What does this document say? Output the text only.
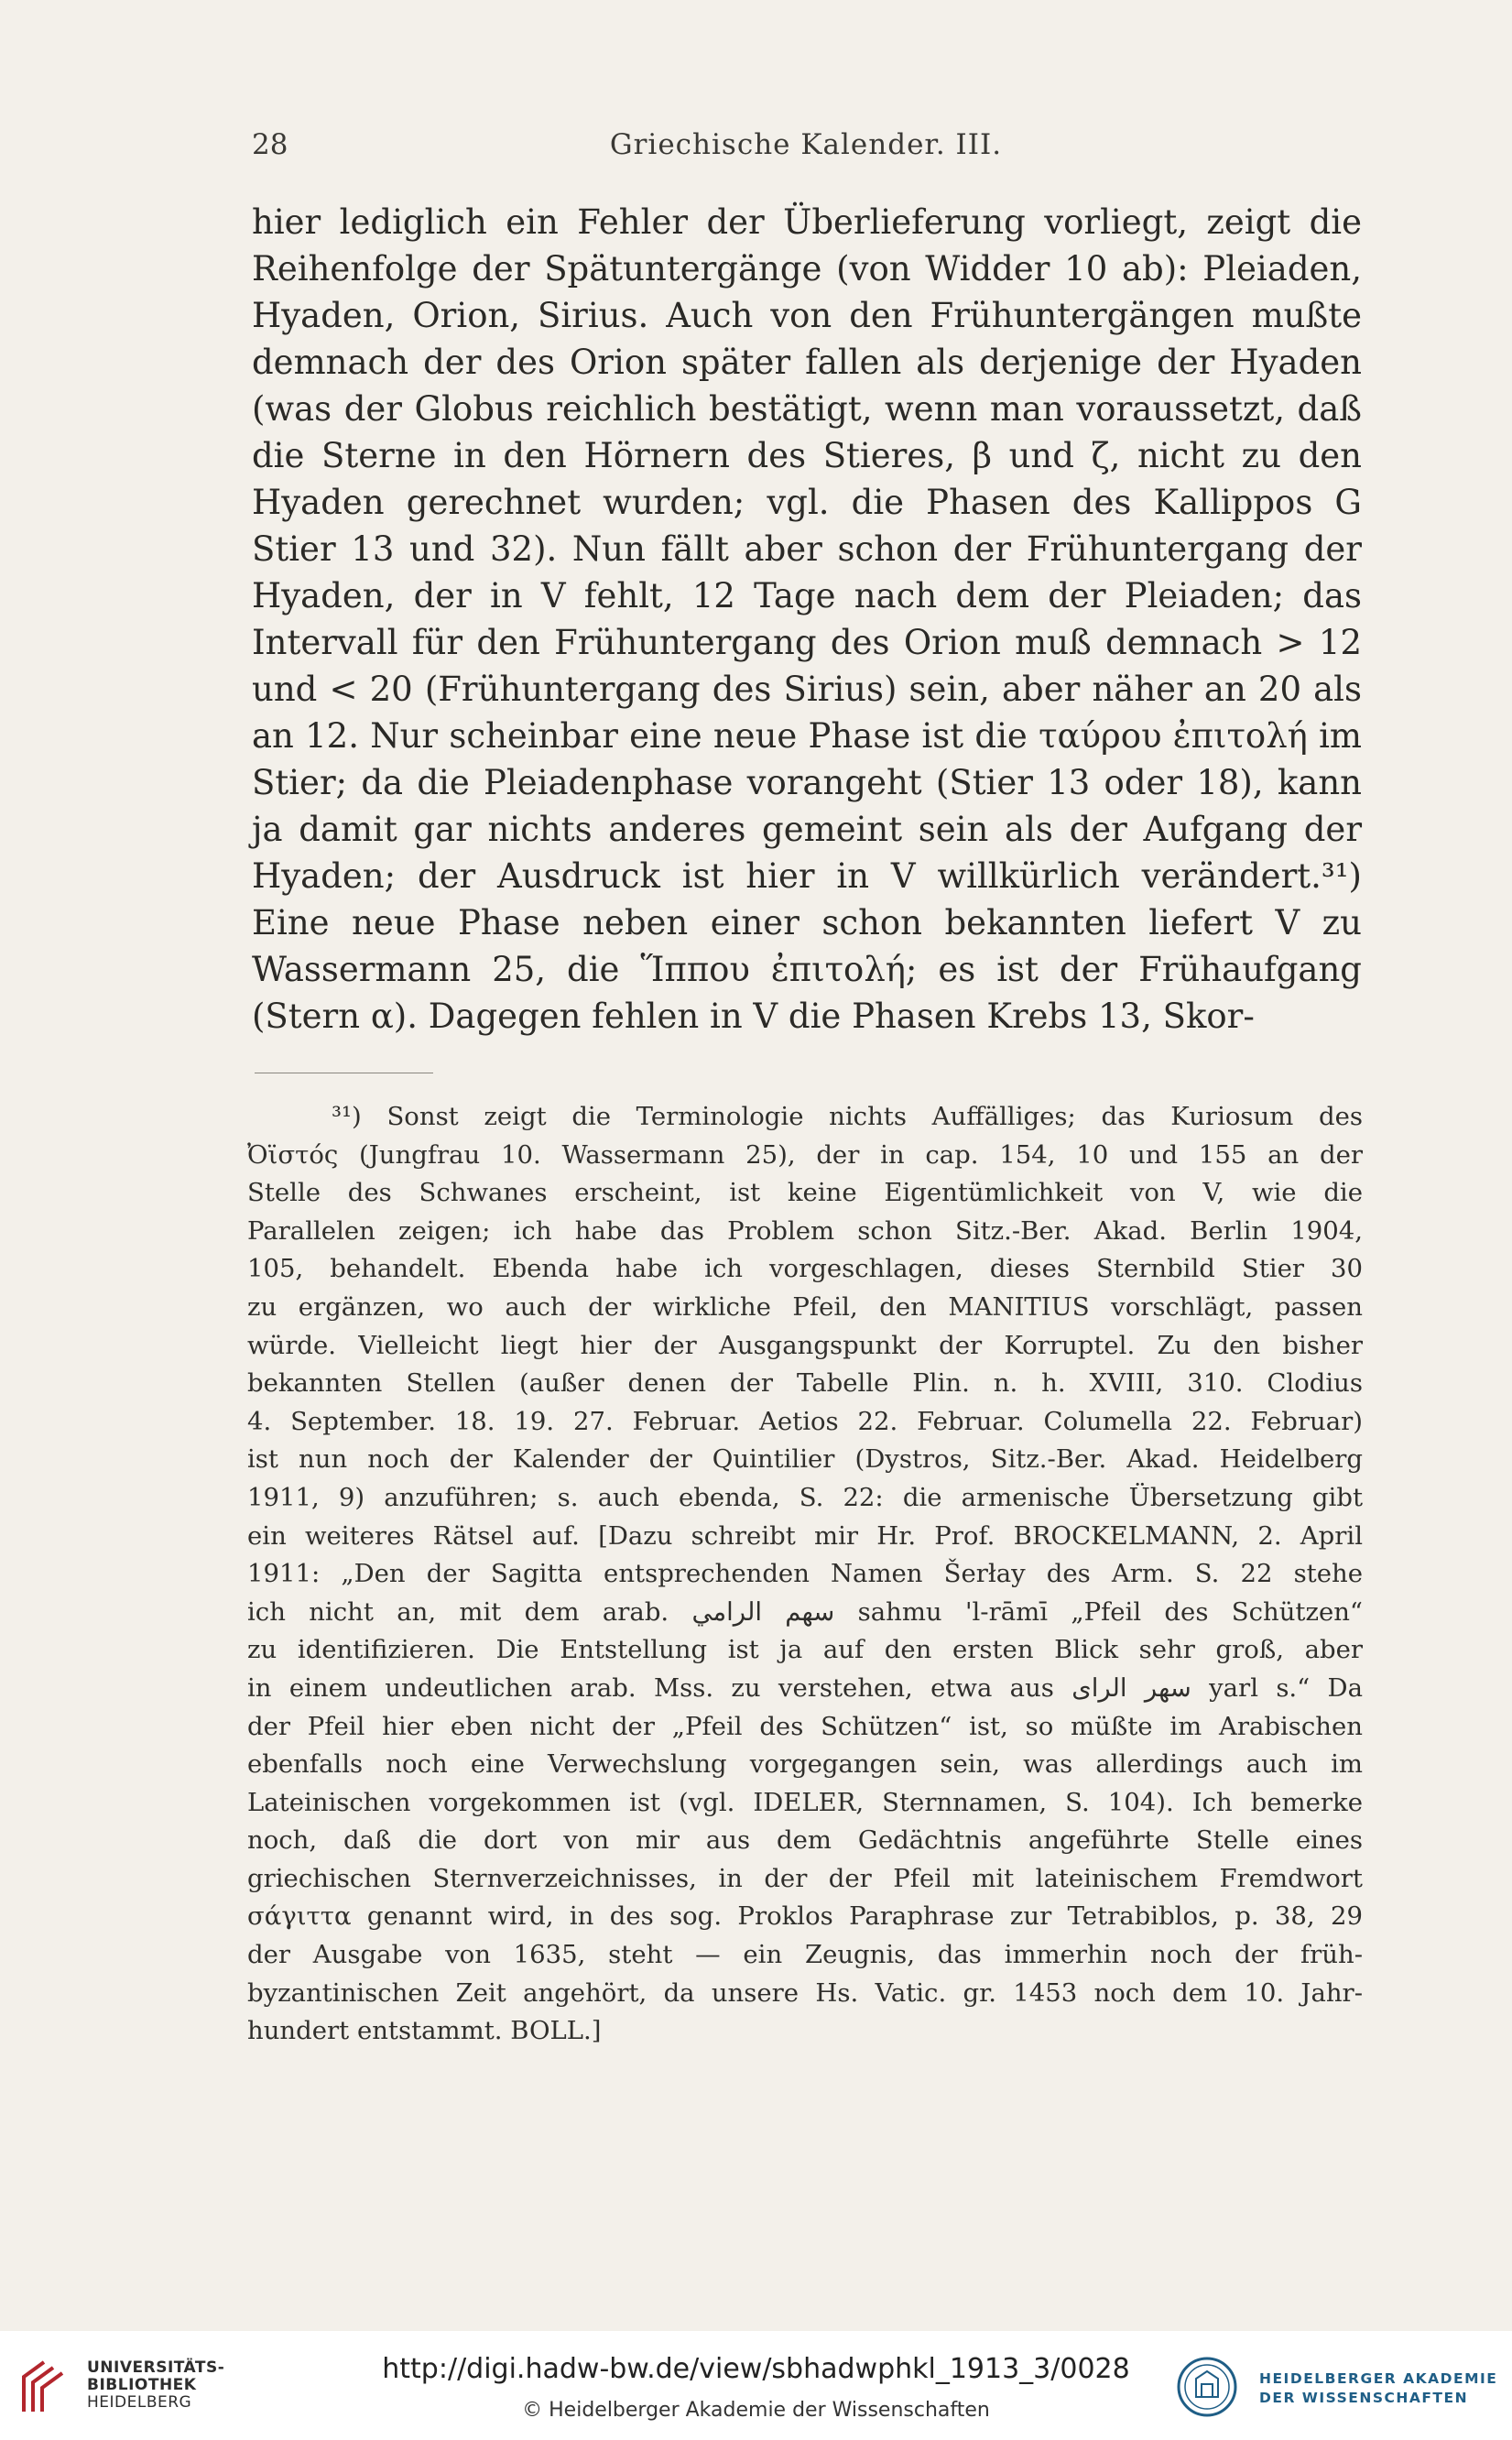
28	Griechische Kalender. III.
hier lediglich ein Fehler der Überlieferung vorliegt, zeigt die
Reihenfolge der Spätuntergänge (von Widder 10 ab): Pleiaden,
Hyaden, Orion, Sirius. Auch von den Frühuntergängen mußte
demnach der des Orion später fallen als derjenige der Hyaden
(was der Globus reichlich bestätigt, wenn man voraussetzt, daß
die Sterne in den Hörnern des Stieres, β und ζ, nicht zu den
Hyaden gerechnet wurden; vgl. die Phasen des Kallippos G
Stier 13 und 32). Nun fällt aber schon der Frühuntergang der
Hyaden, der in V fehlt, 12 Tage nach dem der Pleiaden; das
Intervall für den Frühuntergang des Orion muß demnach > 12
und < 20 (Frühuntergang des Sirius) sein, aber näher an 20 als
an 12. Nur scheinbar eine neue Phase ist die ταύρου ἐπιτολή im
Stier; da die Pleiadenphase vorangeht (Stier 13 oder 18), kann
ja damit gar nichts anderes gemeint sein als der Aufgang der
Hyaden; der Ausdruck ist hier in V willkürlich verändert.³¹)
Eine neue Phase neben einer schon bekannten liefert V zu
Wassermann 25, die Ἵππου ἐπιτολή; es ist der Frühaufgang
(Stern α). Dagegen fehlen in V die Phasen Krebs 13, Skor-
³¹) Sonst zeigt die Terminologie nichts Auffälliges; das Kuriosum des
Ὀϊστός (Jungfrau 10. Wassermann 25), der in cap. 154, 10 und 155 an der
Stelle des Schwanes erscheint, ist keine Eigentümlichkeit von V, wie die
Parallelen zeigen; ich habe das Problem schon Sitz.-Ber. Akad. Berlin 1904,
105, behandelt. Ebenda habe ich vorgeschlagen, dieses Sternbild Stier 30
zu ergänzen, wo auch der wirkliche Pfeil, den MANITIUS vorschlägt, passen
würde. Vielleicht liegt hier der Ausgangspunkt der Korruptel. Zu den bisher
bekannten Stellen (außer denen der Tabelle Plin. n. h. XVIII, 310. Clodius
4. September. 18. 19. 27. Februar. Aetios 22. Februar. Columella 22. Februar)
ist nun noch der Kalender der Quintilier (Dystros, Sitz.-Ber. Akad. Heidelberg
1911, 9) anzuführen; s. auch ebenda, S. 22: die armenische Übersetzung gibt
ein weiteres Rätsel auf. [Dazu schreibt mir Hr. Prof. BROCKELMANN, 2. April
1911: „Den der Sagitta entsprechenden Namen Šerłay des Arm. S. 22 stehe
ich nicht an, mit dem arab. سهم الرامي sahmu 'l-rāmī „Pfeil des Schützen“
zu identifizieren. Die Entstellung ist ja auf den ersten Blick sehr groß, aber
in einem undeutlichen arab. Mss. zu verstehen, etwa aus سهر الراى yarl s.“ Da
der Pfeil hier eben nicht der „Pfeil des Schützen“ ist, so müßte im Arabischen
ebenfalls noch eine Verwechslung vorgegangen sein, was allerdings auch im
Lateinischen vorgekommen ist (vgl. IDELER, Sternnamen, S. 104). Ich bemerke
noch, daß die dort von mir aus dem Gedächtnis angeführte Stelle eines
griechischen Sternverzeichnisses, in der der Pfeil mit lateinischem Fremdwort
σάγιττα genannt wird, in des sog. Proklos Paraphrase zur Tetrabiblos, p. 38, 29
der Ausgabe von 1635, steht — ein Zeugnis, das immerhin noch der früh-
byzantinischen Zeit angehört, da unsere Hs. Vatic. gr. 1453 noch dem 10. Jahr-
hundert entstammt. BOLL.]
UNIVERSITÄTS-
BIBLIOTHEK
HEIDELBERG
http://digi.hadw-bw.de/view/sbhadwphkl_1913_3/0028
© Heidelberger Akademie der Wissenschaften
HEIDELBERGER AKADEMIE
DER WISSENSCHAFTEN
